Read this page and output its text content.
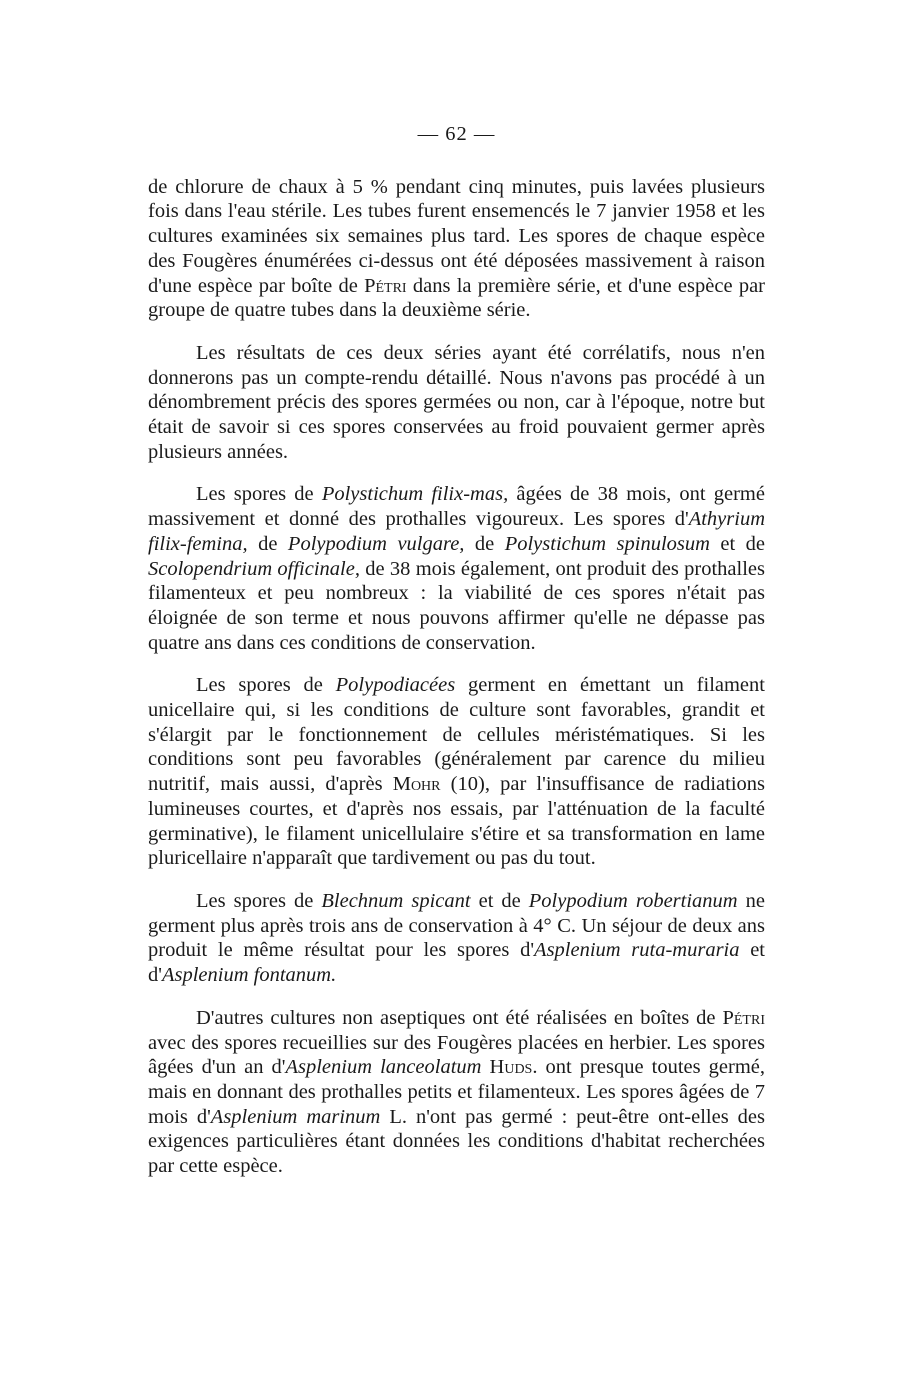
— 62 —

de chlorure de chaux à 5 % pendant cinq minutes, puis lavées plusieurs fois dans l'eau stérile. Les tubes furent ensemencés le 7 janvier 1958 et les cultures examinées six semaines plus tard. Les spores de chaque espèce des Fougères énumérées ci-dessus ont été déposées massivement à raison d'une espèce par boîte de Pétri dans la première série, et d'une espèce par groupe de quatre tubes dans la deuxième série.

Les résultats de ces deux séries ayant été corrélatifs, nous n'en donnerons pas un compte-rendu détaillé. Nous n'avons pas procédé à un dénombrement précis des spores germées ou non, car à l'époque, notre but était de savoir si ces spores conservées au froid pouvaient germer après plusieurs années.

Les spores de Polystichum filix-mas, âgées de 38 mois, ont germé massivement et donné des prothalles vigoureux. Les spores d'Athyrium filix-femina, de Polypodium vulgare, de Polystichum spinulosum et de Scolopendrium officinale, de 38 mois également, ont produit des prothalles filamenteux et peu nombreux : la viabilité de ces spores n'était pas éloignée de son terme et nous pouvons affirmer qu'elle ne dépasse pas quatre ans dans ces conditions de conservation.

Les spores de Polypodiacées germent en émettant un filament unicellaire qui, si les conditions de culture sont favorables, grandit et s'élargit par le fonctionnement de cellules méristématiques. Si les conditions sont peu favorables (généralement par carence du milieu nutritif, mais aussi, d'après Mohr (10), par l'insuffisance de radiations lumineuses courtes, et d'après nos essais, par l'atténuation de la faculté germinative), le filament unicellulaire s'étire et sa transformation en lame pluricellaire n'apparaît que tardivement ou pas du tout.

Les spores de Blechnum spicant et de Polypodium robertianum ne germent plus après trois ans de conservation à 4° C. Un séjour de deux ans produit le même résultat pour les spores d'Asplenium ruta-muraria et d'Asplenium fontanum.

D'autres cultures non aseptiques ont été réalisées en boîtes de Pétri avec des spores recueillies sur des Fougères placées en herbier. Les spores âgées d'un an d'Asplenium lanceolatum Huds. ont presque toutes germé, mais en donnant des prothalles petits et filamenteux. Les spores âgées de 7 mois d'Asplenium marinum L. n'ont pas germé : peut-être ont-elles des exigences particulières étant données les conditions d'habitat recherchées par cette espèce.
